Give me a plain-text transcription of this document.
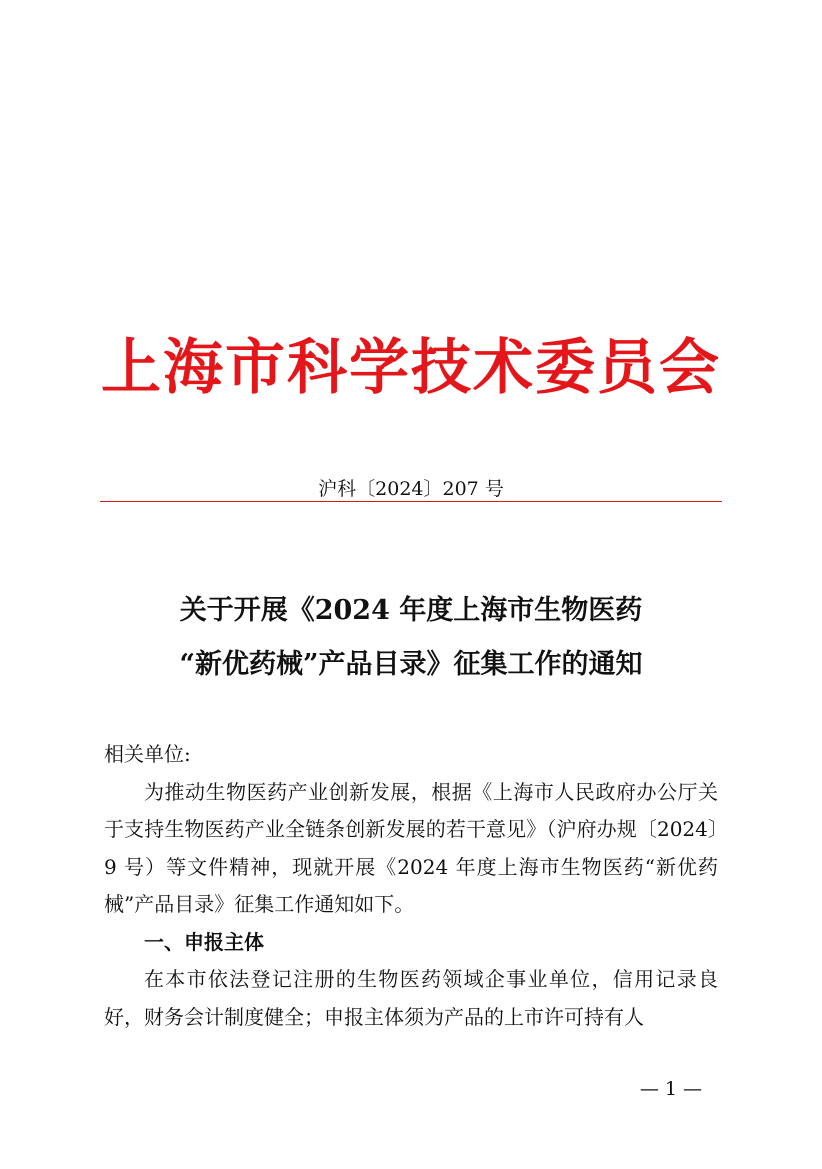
上海市科学技术委员会
沪科〔2024〕207 号
关于开展《2024 年度上海市生物医药
“新优药械”产品目录》征集工作的通知

相关单位:

为推动生物医药产业创新发展，根据《上海市人民政府办公厅关于支持生物医药产业全链条创新发展的若干意见》（沪府办规〔2024〕9 号）等文件精神，现就开展《2024 年度上海市生物医药“新优药械”产品目录》征集工作通知如下。

一、申报主体

在本市依法登记注册的生物医药领域企事业单位，信用记录良好，财务会计制度健全；申报主体须为产品的上市许可持有人

— 1 —
